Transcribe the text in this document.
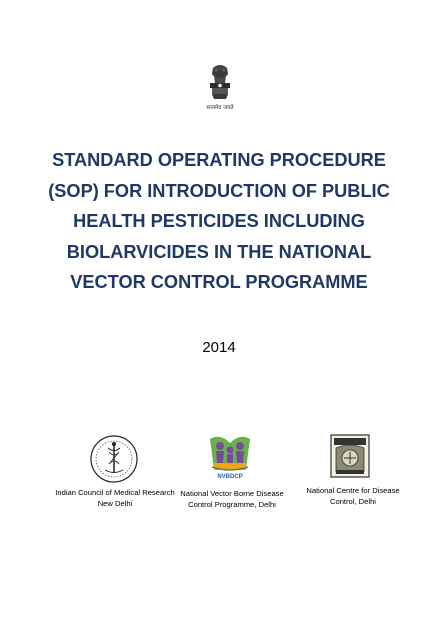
सत्यमेव जयते
STANDARD OPERATING PROCEDURE
(SOP) FOR INTRODUCTION OF PUBLIC
HEALTH PESTICIDES INCLUDING
BIOLARVICIDES IN THE NATIONAL
VECTOR CONTROL PROGRAMME
2014
NVBDCP
Indian Council of Medical Research
New Delhi
National Vector Borne Disease
Control Programme, Delhi
National Centre for Disease
Control, Delhi
